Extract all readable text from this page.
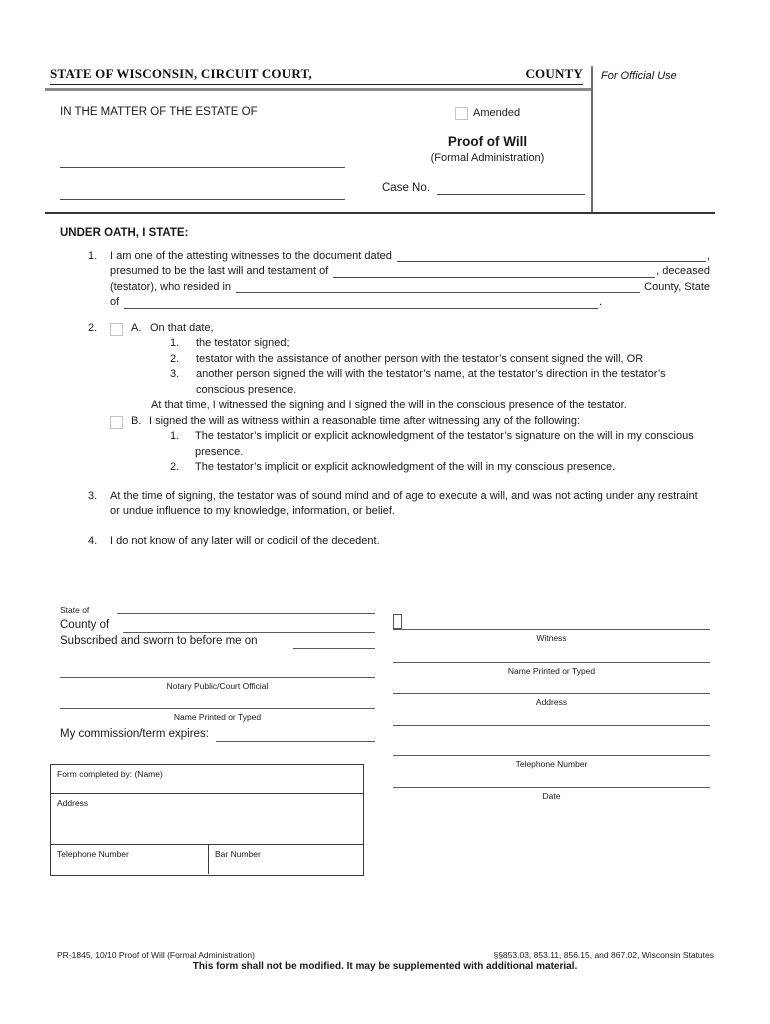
STATE OF WISCONSIN, CIRCUIT COURT,	COUNTY For Official Use
IN THE MATTER OF THE ESTATE OF	Amended
Proof of Will
(Formal Administration)
Case No.
UNDER OATH, I STATE:
1.	I am one of the attesting witnesses to the document dated	,
presumed to be the last will and testament of	, deceased
(testator), who resided in	County, State
of	.
2.	A. On that date,
1.	the testator signed;
2.	testator with the assistance of another person with the testator’s consent signed the will, OR
3.	another person signed the will with the testator’s name, at the testator’s direction in the testator’s conscious presence.
At that time, I witnessed the signing and I signed the will in the conscious presence of the testator.
B. I signed the will as witness within a reasonable time after witnessing any of the following:
1.	The testator’s implicit or explicit acknowledgment of the testator’s signature on the will in my conscious presence.
2.	The testator’s implicit or explicit acknowledgment of the will in my conscious presence.
3.	At the time of signing, the testator was of sound mind and of age to execute a will, and was not acting under any restraint or undue influence to my knowledge, information, or belief.
4.	I do not know of any later will or codicil of the decedent.
State of
County of
Subscribed and sworn to before me on
Notary Public/Court Official
Name Printed or Typed
My commission/term expires:
Witness
Name Printed or Typed
Address
Telephone Number
Date
Form completed by: (Name)
Address
Telephone Number	Bar Number
PR-1845, 10/10 Proof of Will (Formal Administration)	§§853.03, 853.11, 856.15, and 867.02, Wisconsin Statutes
This form shall not be modified. It may be supplemented with additional material.
